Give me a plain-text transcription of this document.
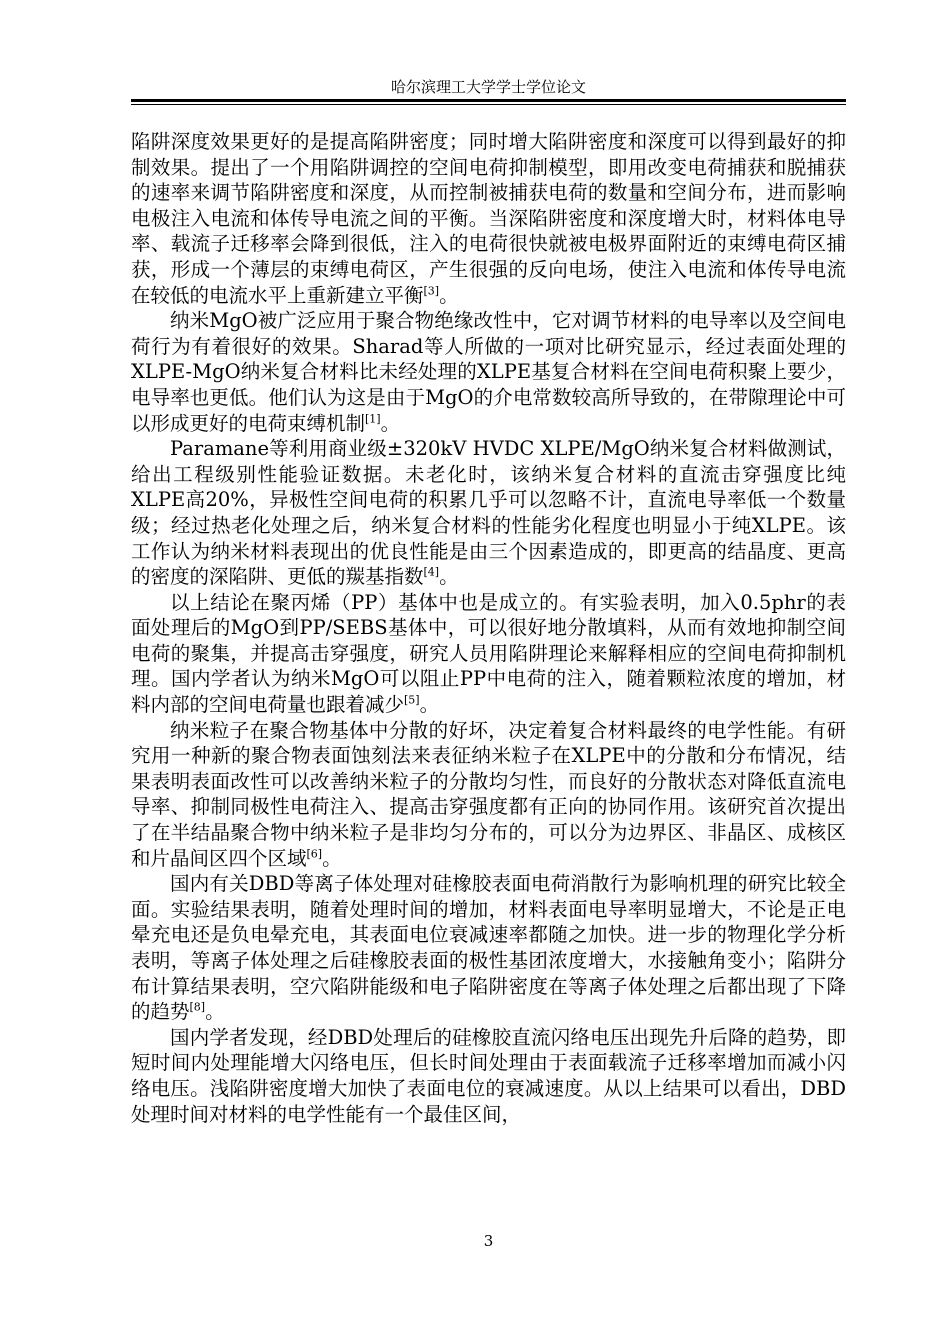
哈尔滨理工大学学士学位论文

陷阱深度效果更好的是提高陷阱密度；同时增大陷阱密度和深度可以得到最好的抑制效果。提出了一个用陷阱调控的空间电荷抑制模型，即用改变电荷捕获和脱捕获的速率来调节陷阱密度和深度，从而控制被捕获电荷的数量和空间分布，进而影响电极注入电流和体传导电流之间的平衡。当深陷阱密度和深度增大时，材料体电导率、载流子迁移率会降到很低，注入的电荷很快就被电极界面附近的束缚电荷区捕获，形成一个薄层的束缚电荷区，产生很强的反向电场，使注入电流和体传导电流在较低的电流水平上重新建立平衡[3]。

纳米MgO被广泛应用于聚合物绝缘改性中，它对调节材料的电导率以及空间电荷行为有着很好的效果。Sharad等人所做的一项对比研究显示，经过表面处理的XLPE-MgO纳米复合材料比未经处理的XLPE基复合材料在空间电荷积聚上要少，电导率也更低。他们认为这是由于MgO的介电常数较高所导致的，在带隙理论中可以形成更好的电荷束缚机制[1]。

Paramane等利用商业级±320kV HVDC XLPE/MgO纳米复合材料做测试，给出工程级别性能验证数据。未老化时，该纳米复合材料的直流击穿强度比纯XLPE高20%，异极性空间电荷的积累几乎可以忽略不计，直流电导率低一个数量级；经过热老化处理之后，纳米复合材料的性能劣化程度也明显小于纯XLPE。该工作认为纳米材料表现出的优良性能是由三个因素造成的，即更高的结晶度、更高的密度的深陷阱、更低的羰基指数[4]。

以上结论在聚丙烯（PP）基体中也是成立的。有实验表明，加入0.5phr的表面处理后的MgO到PP/SEBS基体中，可以很好地分散填料，从而有效地抑制空间电荷的聚集，并提高击穿强度，研究人员用陷阱理论来解释相应的空间电荷抑制机理。国内学者认为纳米MgO可以阻止PP中电荷的注入，随着颗粒浓度的增加，材料内部的空间电荷量也跟着减少[5]。

纳米粒子在聚合物基体中分散的好坏，决定着复合材料最终的电学性能。有研究用一种新的聚合物表面蚀刻法来表征纳米粒子在XLPE中的分散和分布情况，结果表明表面改性可以改善纳米粒子的分散均匀性，而良好的分散状态对降低直流电导率、抑制同极性电荷注入、提高击穿强度都有正向的协同作用。该研究首次提出了在半结晶聚合物中纳米粒子是非均匀分布的，可以分为边界区、非晶区、成核区和片晶间区四个区域[6]。

国内有关DBD等离子体处理对硅橡胶表面电荷消散行为影响机理的研究比较全面。实验结果表明，随着处理时间的增加，材料表面电导率明显增大，不论是正电晕充电还是负电晕充电，其表面电位衰减速率都随之加快。进一步的物理化学分析表明，等离子体处理之后硅橡胶表面的极性基团浓度增大，水接触角变小；陷阱分布计算结果表明，空穴陷阱能级和电子陷阱密度在等离子体处理之后都出现了下降的趋势[8]。

国内学者发现，经DBD处理后的硅橡胶直流闪络电压出现先升后降的趋势，即短时间内处理能增大闪络电压，但长时间处理由于表面载流子迁移率增加而减小闪络电压。浅陷阱密度增大加快了表面电位的衰减速度。从以上结果可以看出，DBD处理时间对材料的电学性能有一个最佳区间，

3
